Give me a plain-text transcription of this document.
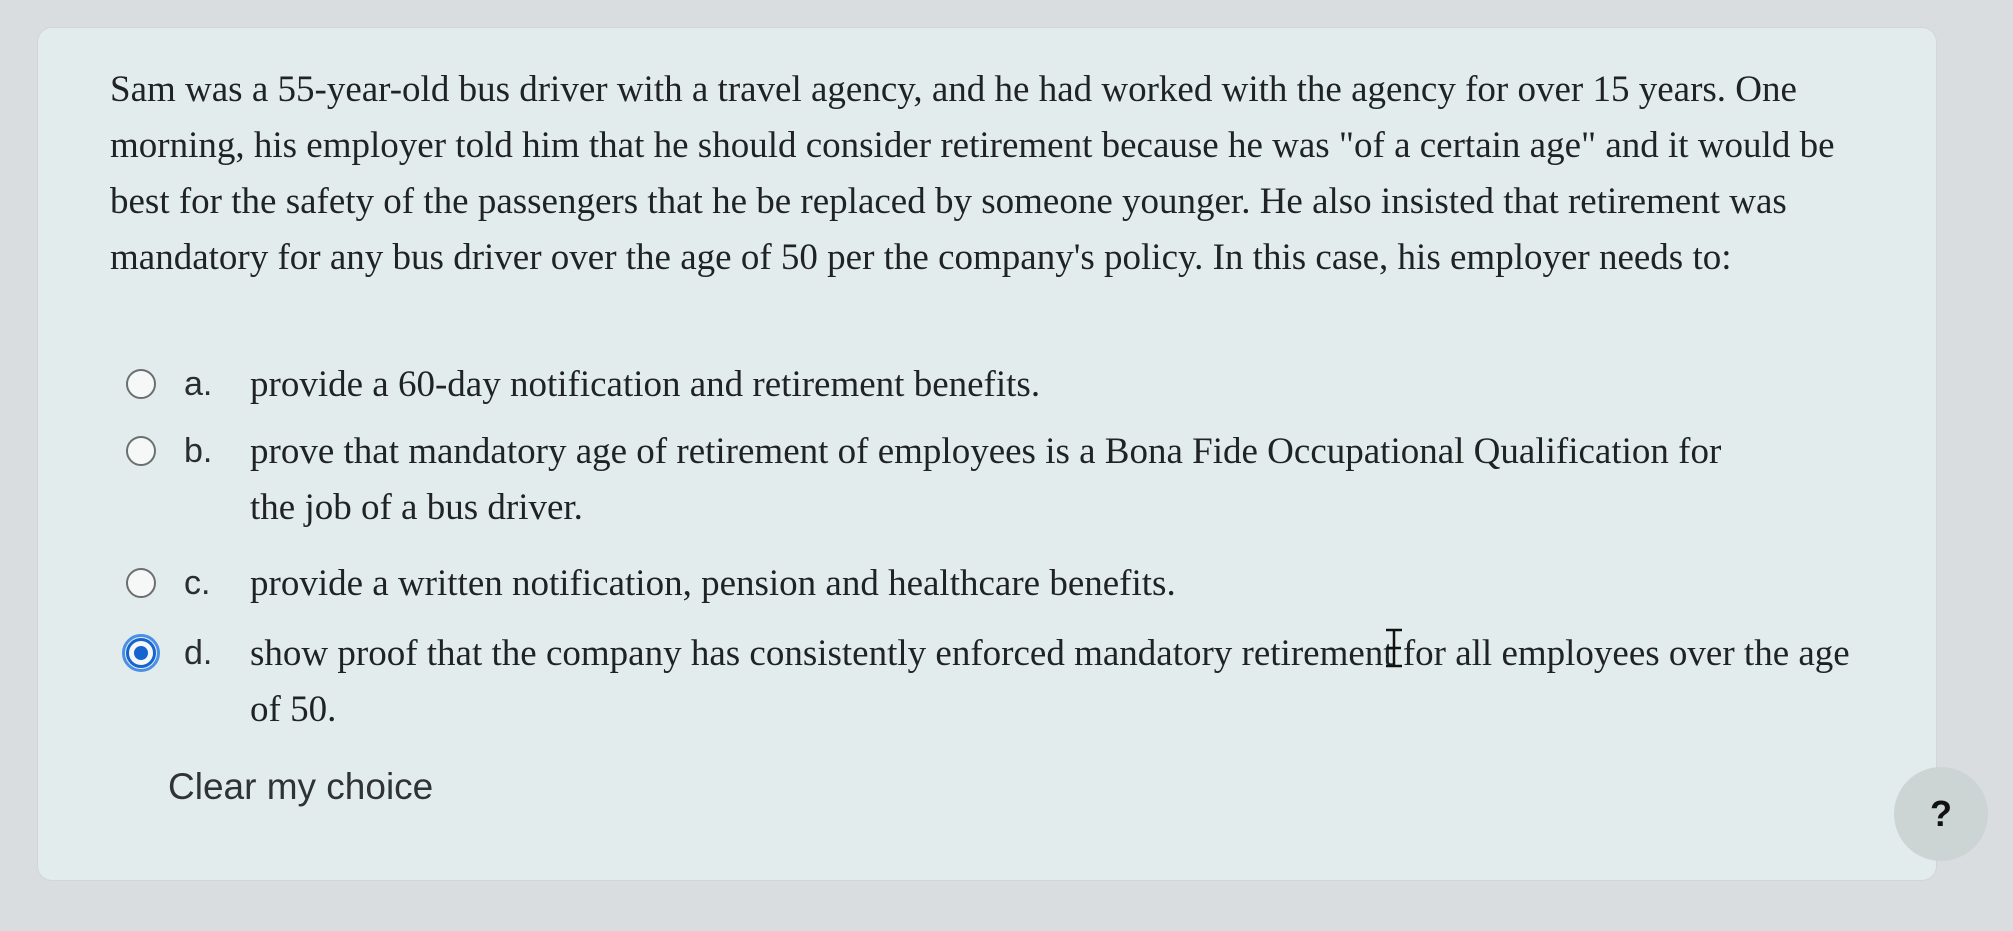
Sam was a 55-year-old bus driver with a travel agency, and he had worked with the agency for over 15 years. One morning, his employer told him that he should consider retirement because he was "of a certain age" and it would be best for the safety of the passengers that he be replaced by someone younger. He also insisted that retirement was mandatory for any bus driver over the age of 50 per the company's policy. In this case, his employer needs to:

a. provide a 60-day notification and retirement benefits.
b. prove that mandatory age of retirement of employees is a Bona Fide Occupational Qualification for the job of a bus driver.
c. provide a written notification, pension and healthcare benefits.
d. show proof that the company has consistently enforced mandatory retirement for all employees over the age of 50.
Clear my choice
?
